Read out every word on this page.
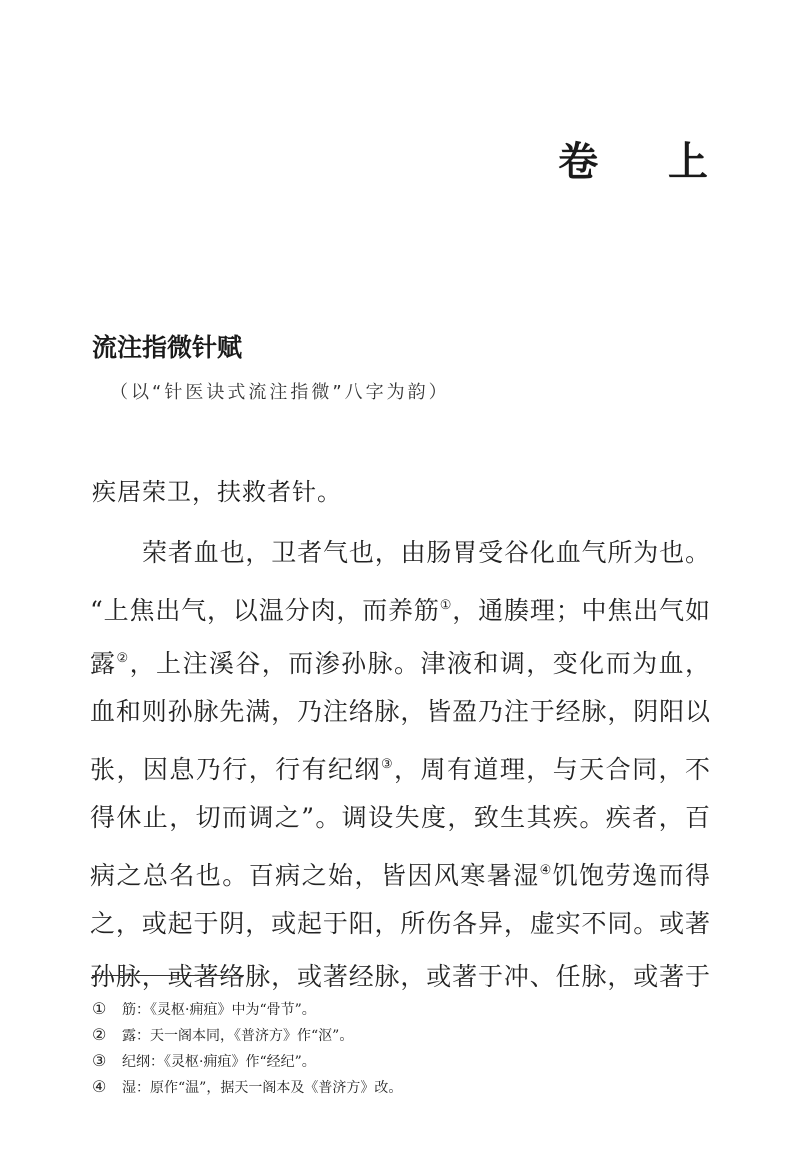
卷 上
流注指微针赋
（以“针医诀式流注指微”八字为韵）
疾居荣卫，扶救者针。
荣者血也，卫者气也，由肠胃受谷化血气所为也。
“上焦出气，以温分肉，而养筋①，通腠理；中焦出气如
露②，上注溪谷，而渗孙脉。津液和调，变化而为血，
血和则孙脉先满，乃注络脉，皆盈乃注于经脉，阴阳以
张，因息乃行，行有纪纲③，周有道理，与天合同，不
得休止，切而调之”。调设失度，致生其疾。疾者，百
病之总名也。百病之始，皆因风寒暑湿④饥饱劳逸而得
之，或起于阴，或起于阳，所伤各异，虚实不同。或著
孙脉，或著络脉，或著经脉，或著于冲、任脉，或著于
① 筋：《灵枢·痈疽》中为“骨节”。
② 露：天一阁本同，《普济方》作“沤”。
③ 纪纲：《灵枢·痈疽》作“经纪”。
④ 湿：原作“温”，据天一阁本及《普济方》改。
